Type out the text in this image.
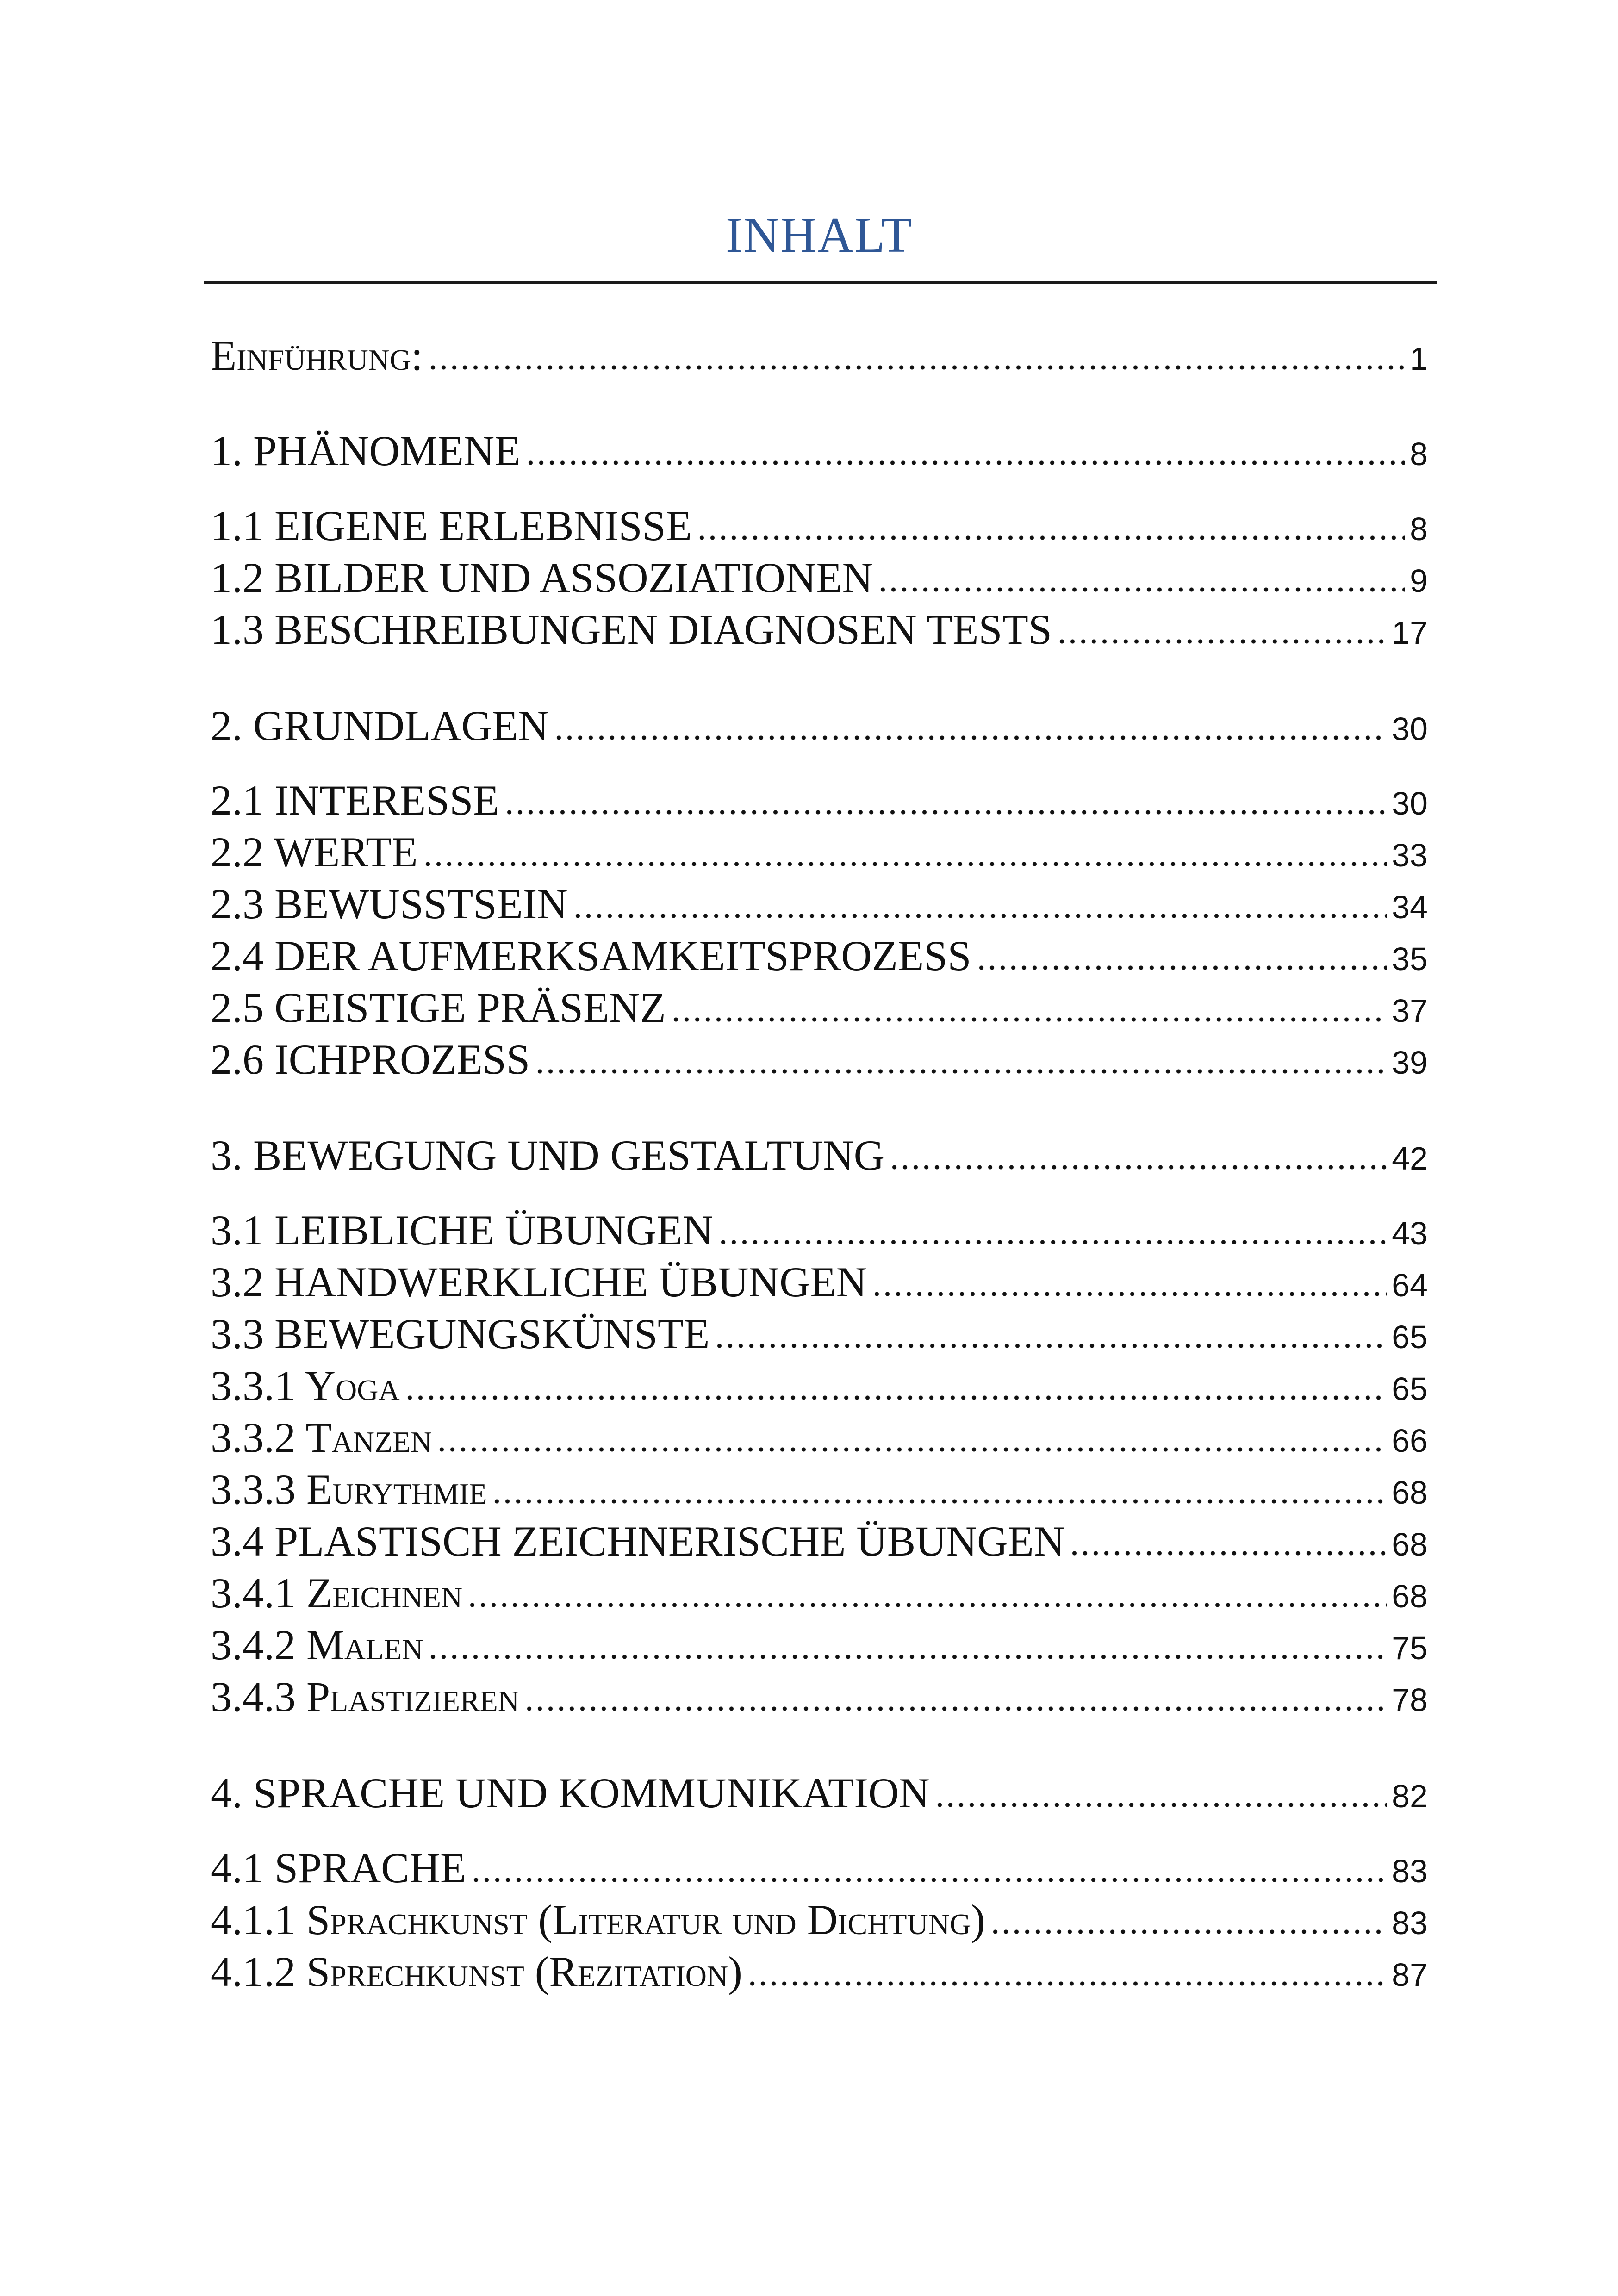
INHALT
Einführung:	1
1. PHÄNOMENE	8
1.1 EIGENE ERLEBNISSE	8
1.2 BILDER UND ASSOZIATIONEN	9
1.3 BESCHREIBUNGEN DIAGNOSEN TESTS	17
2. GRUNDLAGEN	30
2.1 INTERESSE	30
2.2 WERTE	33
2.3 BEWUSSTSEIN	34
2.4 DER AUFMERKSAMKEITSPROZESS	35
2.5 GEISTIGE PRÄSENZ	37
2.6 ICHPROZESS	39
3. BEWEGUNG UND GESTALTUNG	42
3.1 LEIBLICHE ÜBUNGEN	43
3.2 HANDWERKLICHE ÜBUNGEN	64
3.3 BEWEGUNGSKÜNSTE	65
3.3.1 Yoga	65
3.3.2 Tanzen	66
3.3.3 Eurythmie	68
3.4 PLASTISCH ZEICHNERISCHE ÜBUNGEN	68
3.4.1 Zeichnen	68
3.4.2 Malen	75
3.4.3 Plastizieren	78
4. SPRACHE UND KOMMUNIKATION	82
4.1 SPRACHE	83
4.1.1 Sprachkunst (Literatur und Dichtung)	83
4.1.2 Sprechkunst (Rezitation)	87
